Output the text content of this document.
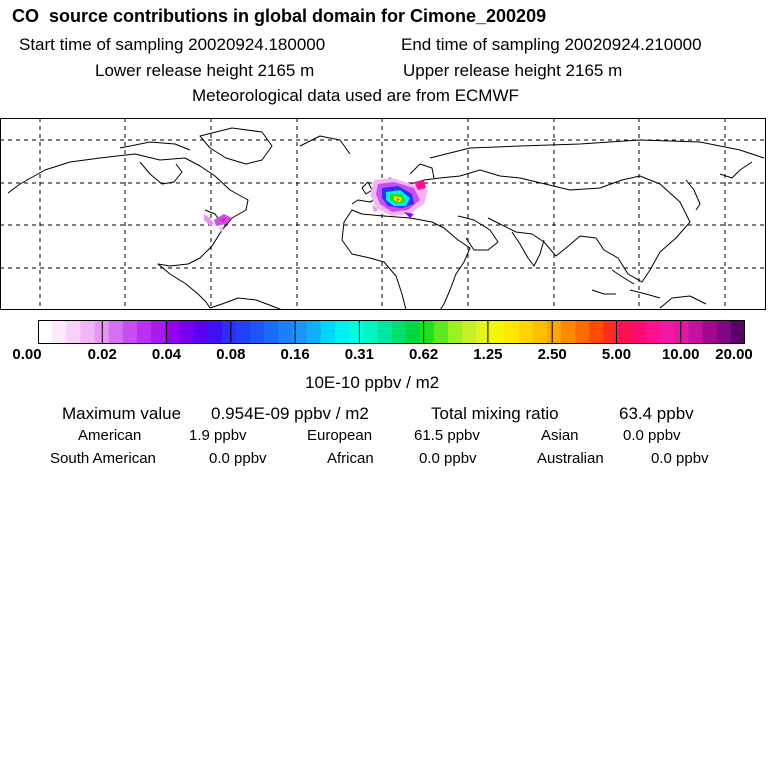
CO  source contributions in global domain for Cimone_200209
Start time of sampling 20020924.180000	End time of sampling 20020924.210000
Lower release height 2165 m	Upper release height 2165 m
Meteorological data used are from ECMWF
0.00	0.02 0.04 0.08 0.16 0.31 0.62 1.25 2.50 5.00 10.00 20.00
10E-10 ppbv / m2
Maximum value 0.954E-09 ppbv / m2	Total mixing ratio	63.4 ppbv
American	1.9 ppbv	European	61.5 ppbv	Asian	0.0 ppbv
South American	0.0 ppbv	African	0.0 ppbv	Australian	0.0 ppbv
